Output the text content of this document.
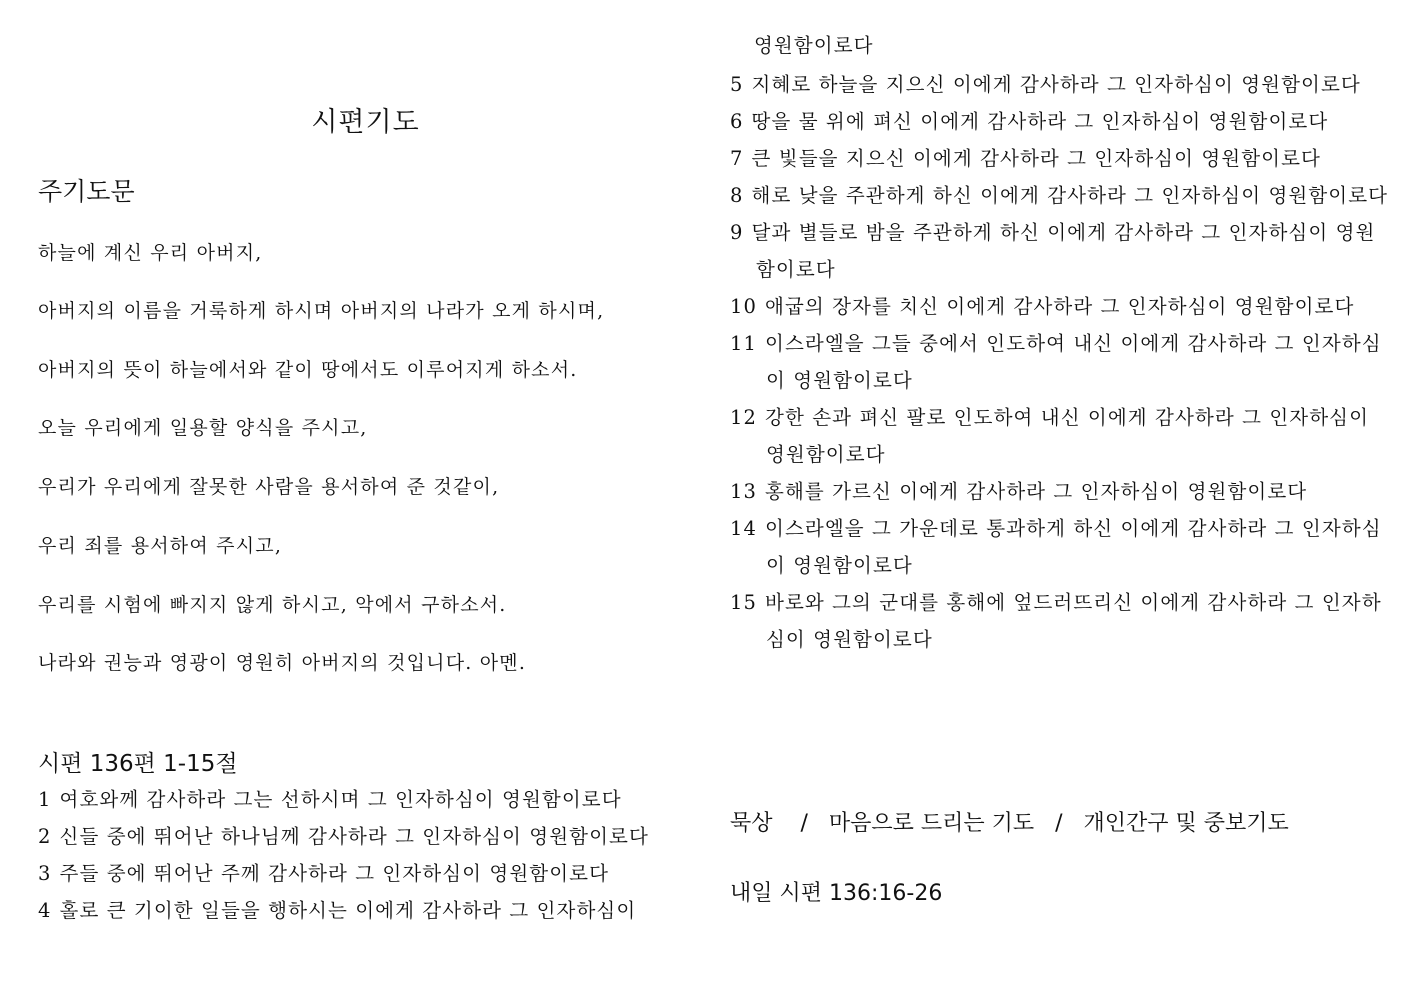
시편기도
주기도문
하늘에 계신 우리 아버지,
아버지의 이름을 거룩하게 하시며 아버지의 나라가 오게 하시며,
아버지의 뜻이 하늘에서와 같이 땅에서도 이루어지게 하소서.
오늘 우리에게 일용할 양식을 주시고,
우리가 우리에게 잘못한 사람을 용서하여 준 것같이,
우리 죄를 용서하여 주시고,
우리를 시험에 빠지지 않게 하시고, 악에서 구하소서.
나라와 권능과 영광이 영원히 아버지의 것입니다. 아멘.
시편 136편 1-15절
1 여호와께 감사하라 그는 선하시며 그 인자하심이 영원함이로다
2 신들 중에 뛰어난 하나님께 감사하라 그 인자하심이 영원함이로다
3 주들 중에 뛰어난 주께 감사하라 그 인자하심이 영원함이로다
4 홀로 큰 기이한 일들을 행하시는 이에게 감사하라 그 인자하심이
영원함이로다
5 지혜로 하늘을 지으신 이에게 감사하라 그 인자하심이 영원함이로다
6 땅을 물 위에 펴신 이에게 감사하라 그 인자하심이 영원함이로다
7 큰 빛들을 지으신 이에게 감사하라 그 인자하심이 영원함이로다
8 해로 낮을 주관하게 하신 이에게 감사하라 그 인자하심이 영원함이로다
9 달과 별들로 밤을 주관하게 하신 이에게 감사하라 그 인자하심이 영원함이로다
10 애굽의 장자를 치신 이에게 감사하라 그 인자하심이 영원함이로다
11 이스라엘을 그들 중에서 인도하여 내신 이에게 감사하라 그 인자하심이 영원함이로다
12 강한 손과 펴신 팔로 인도하여 내신 이에게 감사하라 그 인자하심이 영원함이로다
13 홍해를 가르신 이에게 감사하라 그 인자하심이 영원함이로다
14 이스라엘을 그 가운데로 통과하게 하신 이에게 감사하라 그 인자하심이 영원함이로다
15 바로와 그의 군대를 홍해에 엎드러뜨리신 이에게 감사하라 그 인자하심이 영원함이로다
묵상    /   마음으로 드리는 기도   /   개인간구 및 중보기도
내일 시편 136:16-26
